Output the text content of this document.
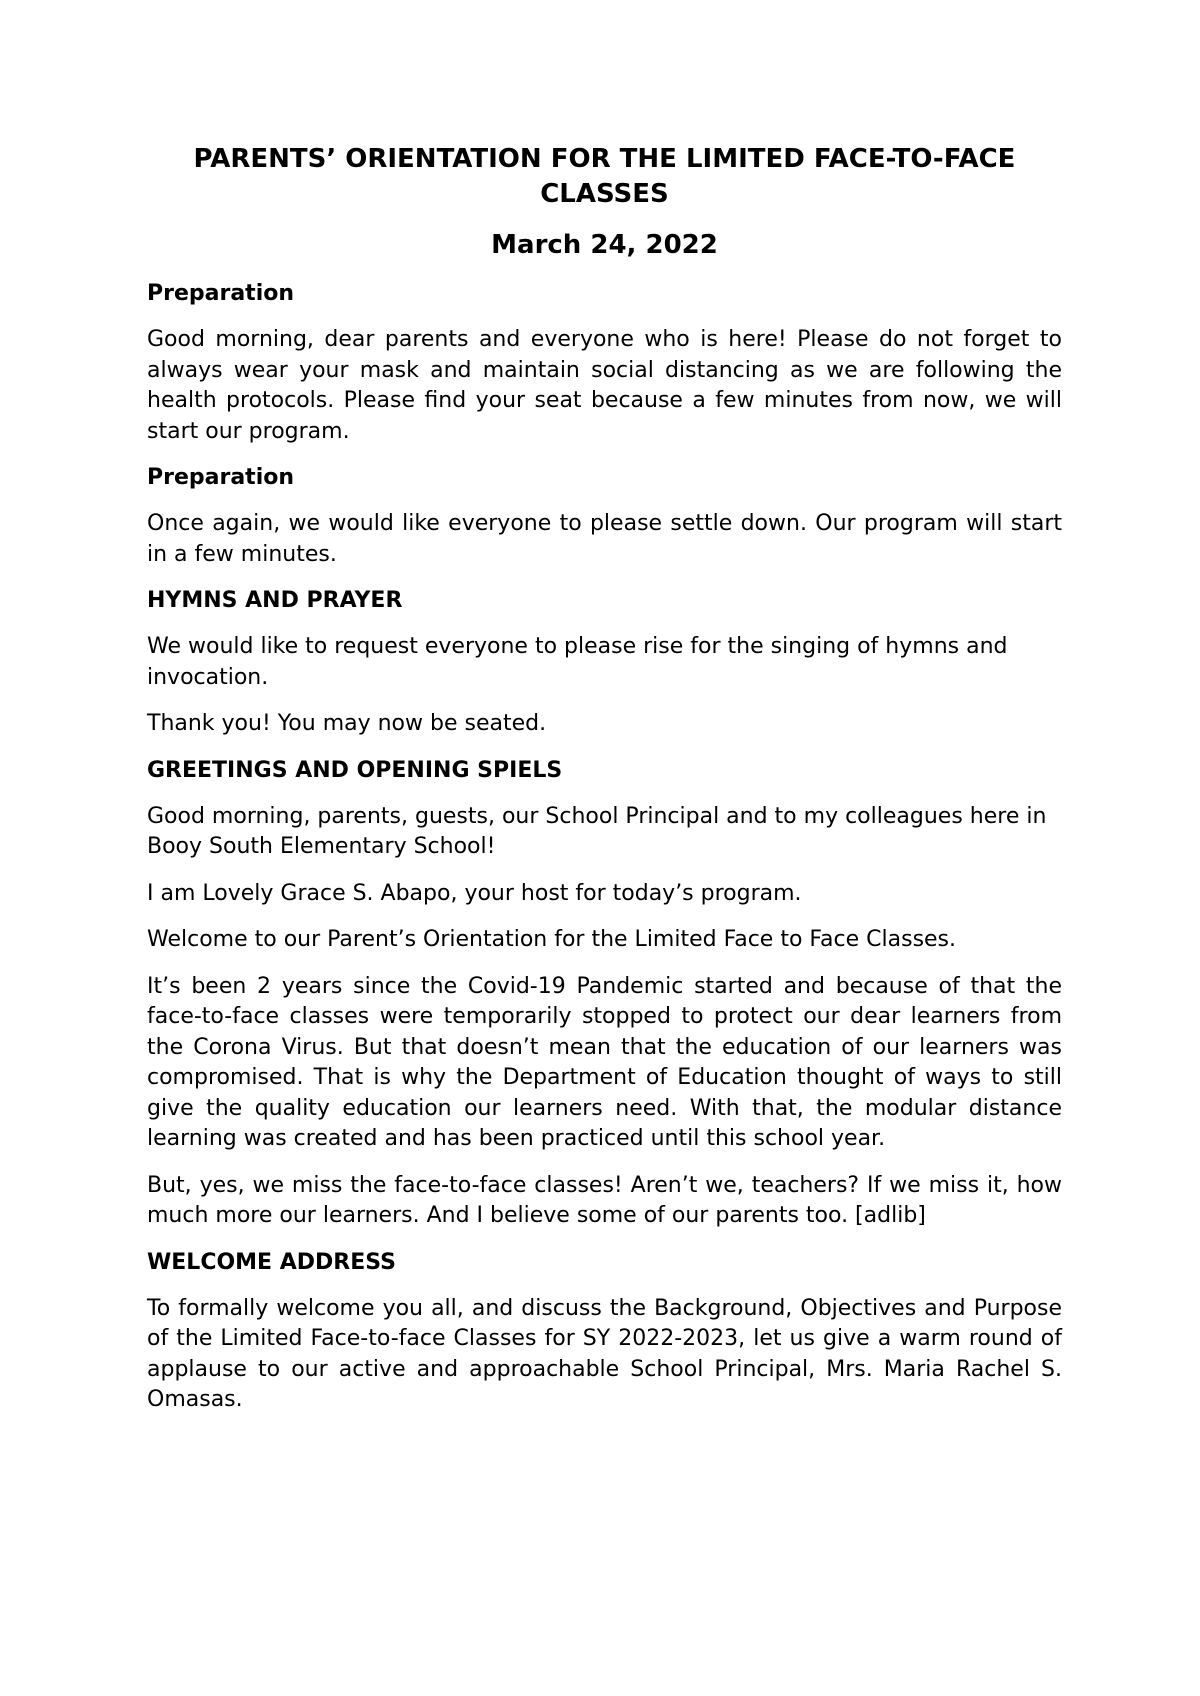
PARENTS’ ORIENTATION FOR THE LIMITED FACE-TO-FACE CLASSES
March 24, 2022
Preparation

Good morning, dear parents and everyone who is here! Please do not forget to always wear your mask and maintain social distancing as we are following the health protocols. Please find your seat because a few minutes from now, we will start our program.

Preparation

Once again, we would like everyone to please settle down. Our program will start in a few minutes.

HYMNS AND PRAYER

We would like to request everyone to please rise for the singing of hymns and invocation.

Thank you! You may now be seated.

GREETINGS AND OPENING SPIELS

Good morning, parents, guests, our School Principal and to my colleagues here in Booy South Elementary School!

I am Lovely Grace S. Abapo, your host for today’s program.

Welcome to our Parent’s Orientation for the Limited Face to Face Classes.

It’s been 2 years since the Covid-19 Pandemic started and because of that the face-to-face classes were temporarily stopped to protect our dear learners from the Corona Virus. But that doesn’t mean that the education of our learners was compromised. That is why the Department of Education thought of ways to still give the quality education our learners need. With that, the modular distance learning was created and has been practiced until this school year.

But, yes, we miss the face-to-face classes! Aren’t we, teachers? If we miss it, how much more our learners. And I believe some of our parents too. [adlib]

WELCOME ADDRESS

To formally welcome you all, and discuss the Background, Objectives and Purpose of the Limited Face-to-face Classes for SY 2022-2023, let us give a warm round of applause to our active and approachable School Principal, Mrs. Maria Rachel S. Omasas.
